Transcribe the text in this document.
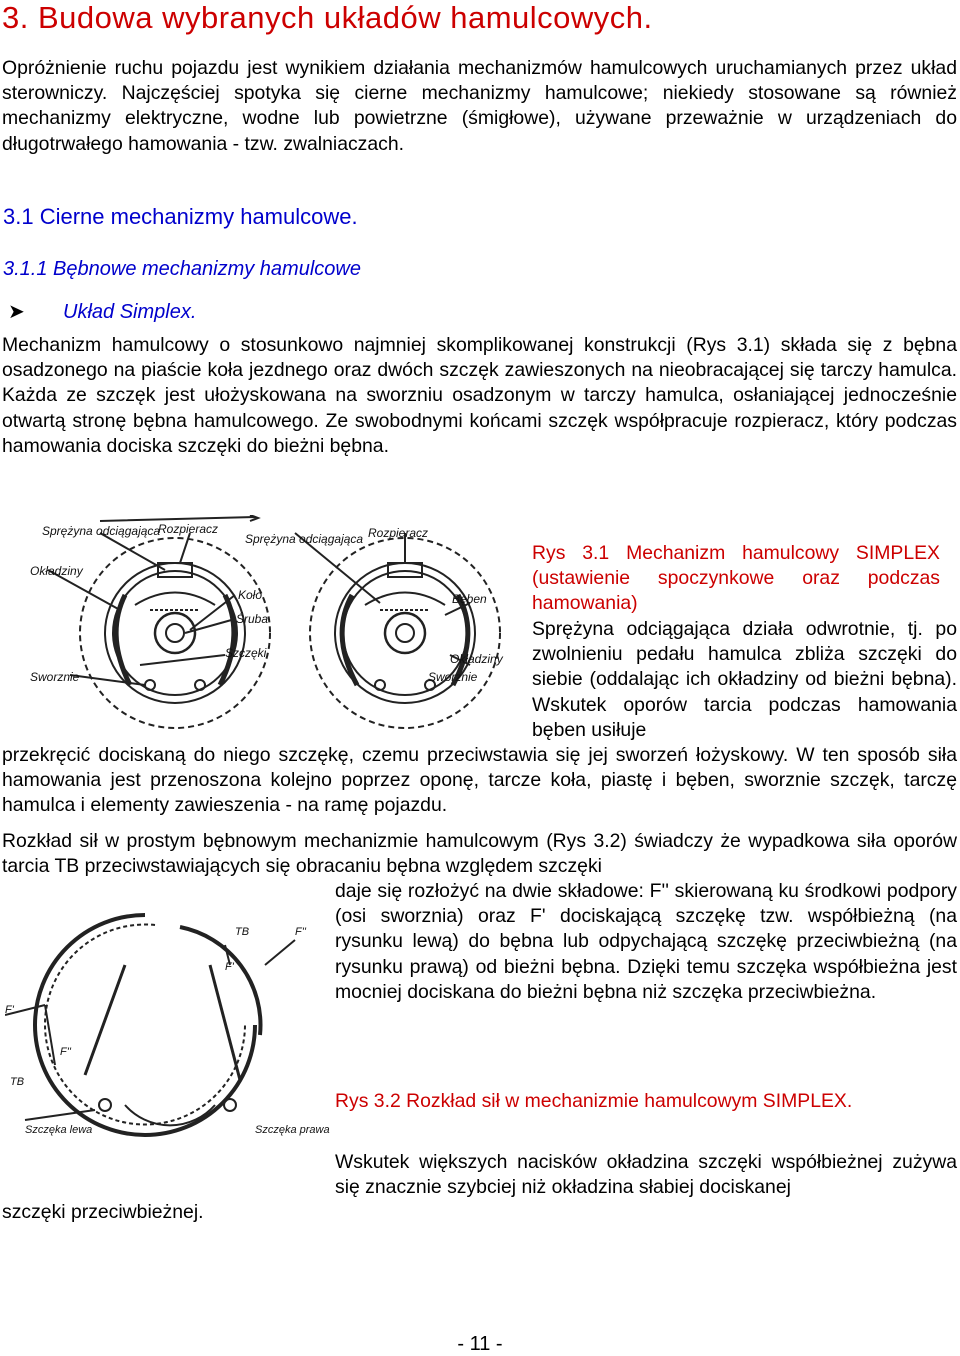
3. Budowa wybranych układów hamulcowych.

Opróżnienie ruchu pojazdu jest wynikiem działania mechanizmów hamulcowych uruchamianych przez układ sterowniczy. Najczęściej spotyka się cierne mechanizmy hamulcowe; niekiedy stosowane są również mechanizmy elektryczne, wodne lub powietrzne (śmigłowe), używane przeważnie w urządzeniach do długotrwałego hamowania - tzw. zwalniaczach.

3.1 Cierne mechanizmy hamulcowe.
3.1.1 Bębnowe mechanizmy hamulcowe
➤ Układ Simplex.

Mechanizm hamulcowy o stosunkowo najmniej skomplikowanej konstrukcji (Rys 3.1) składa się z bębna osadzonego na piaście koła jezdnego oraz dwóch szczęk zawieszonych na nieobracającej się tarczy hamulca. Każda ze szczęk jest ułożyskowana na sworzniu osadzonym w tarczy hamulca, osłaniającej jednocześnie otwartą stronę bębna hamulcowego. Ze swobodnymi końcami szczęk współpracuje rozpieracz, który podczas hamowania dociska szczęki do bieżni bębna.

Sprężyna odciągająca
Rozpieracz
Okładziny
Koło
Śruba
Szczęki
Sworznie
Sprężyna odciągająca Rozpieracz
Bęben
Okładziny
Sworznie

Rys 3.1 Mechanizm hamulcowy SIMPLEX (ustawienie spoczynkowe oraz podczas hamowania)

Sprężyna odciągająca działa odwrotnie, tj. po zwolnieniu pedału hamulca zbliża szczęki do siebie (oddalając ich okładziny od bieżni bębna). Wskutek oporów tarcia podczas hamowania bęben usiłuje

przekręcić dociskaną do niego szczękę, czemu przeciwstawia się jej sworzeń łożyskowy. W ten sposób siła hamowania jest przenoszona kolejno poprzez oponę, tarcze koła, piastę i bęben, sworznie szczęk, tarczę hamulca i elementy zawieszenia - na ramę pojazdu.

Rozkład sił w prostym bębnowym mechanizmie hamulcowym (Rys 3.2) świadczy że wypadkowa siła oporów tarcia TB przeciwstawiających się obracaniu bębna względem szczęki

daje się rozłożyć na dwie składowe: F'' skierowaną ku środkowi podpory (osi sworznia) oraz F' dociskającą szczękę tzw. współbieżną (na rysunku lewą) do bębna lub odpychającą szczękę przeciwbieżną (na rysunku prawą) od bieżni bębna. Dzięki temu szczęka współbieżna jest mocniej dociskana do bieżni bębna niż szczęka przeciwbieżna.

TB	F''
F'
F'
F''
TB
Szczęka lewa	Szczęka prawa

Rys 3.2 Rozkład sił w mechanizmie hamulcowym SIMPLEX.

Wskutek większych nacisków okładzina szczęki współbieżnej zużywa się znacznie szybciej niż okładzina słabiej dociskanej

szczęki przeciwbieżnej.

- 11 -
